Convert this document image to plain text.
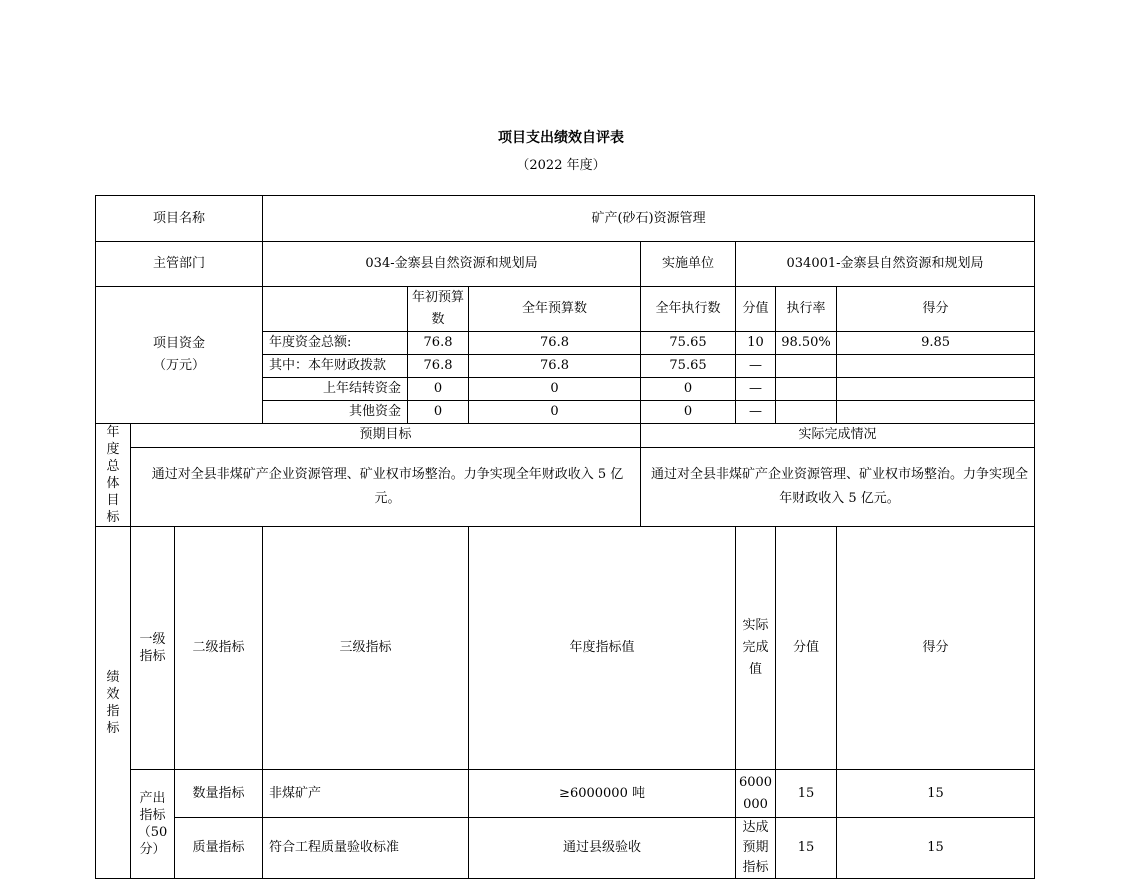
项目支出绩效自评表
（2022 年度）
项目名称			矿产(砂石)资源管理							
主管部门			034-金寨县自然资源和规划局			实施单位	034001-金寨县自然资源和规划局			

项目资金
（万元）				年初预算数	全年预算数	全年执行数	分值	执行率	得分	
			年度资金总额:	76.8	76.8	75.65	10	98.50%	9.85	
			其中：本年财政拨款	76.8	76.8	75.65	—			
			上年结转资金	0	0	0	—			
			其他资金	0	0	0	—			
年度总体目标	预期目标					实际完成情况				
	通过对全县非煤矿产企业资源管理、矿业权市场整治。力争实现全年财政收入 5 亿元。					通过对全县非煤矿产企业资源管理、矿业权市场整治。力争实现全年财政收入 5 亿元。				
绩效指标	一级指标	二级指标	三级指标		年度指标值		实际完成值	分值	得分	
	产出指标（50分）	数量指标	非煤矿产		≥6000000 吨		6000000	15	15	
		质量指标	符合工程质量验收标准		通过县级验收		达成预期指标	15	15	
